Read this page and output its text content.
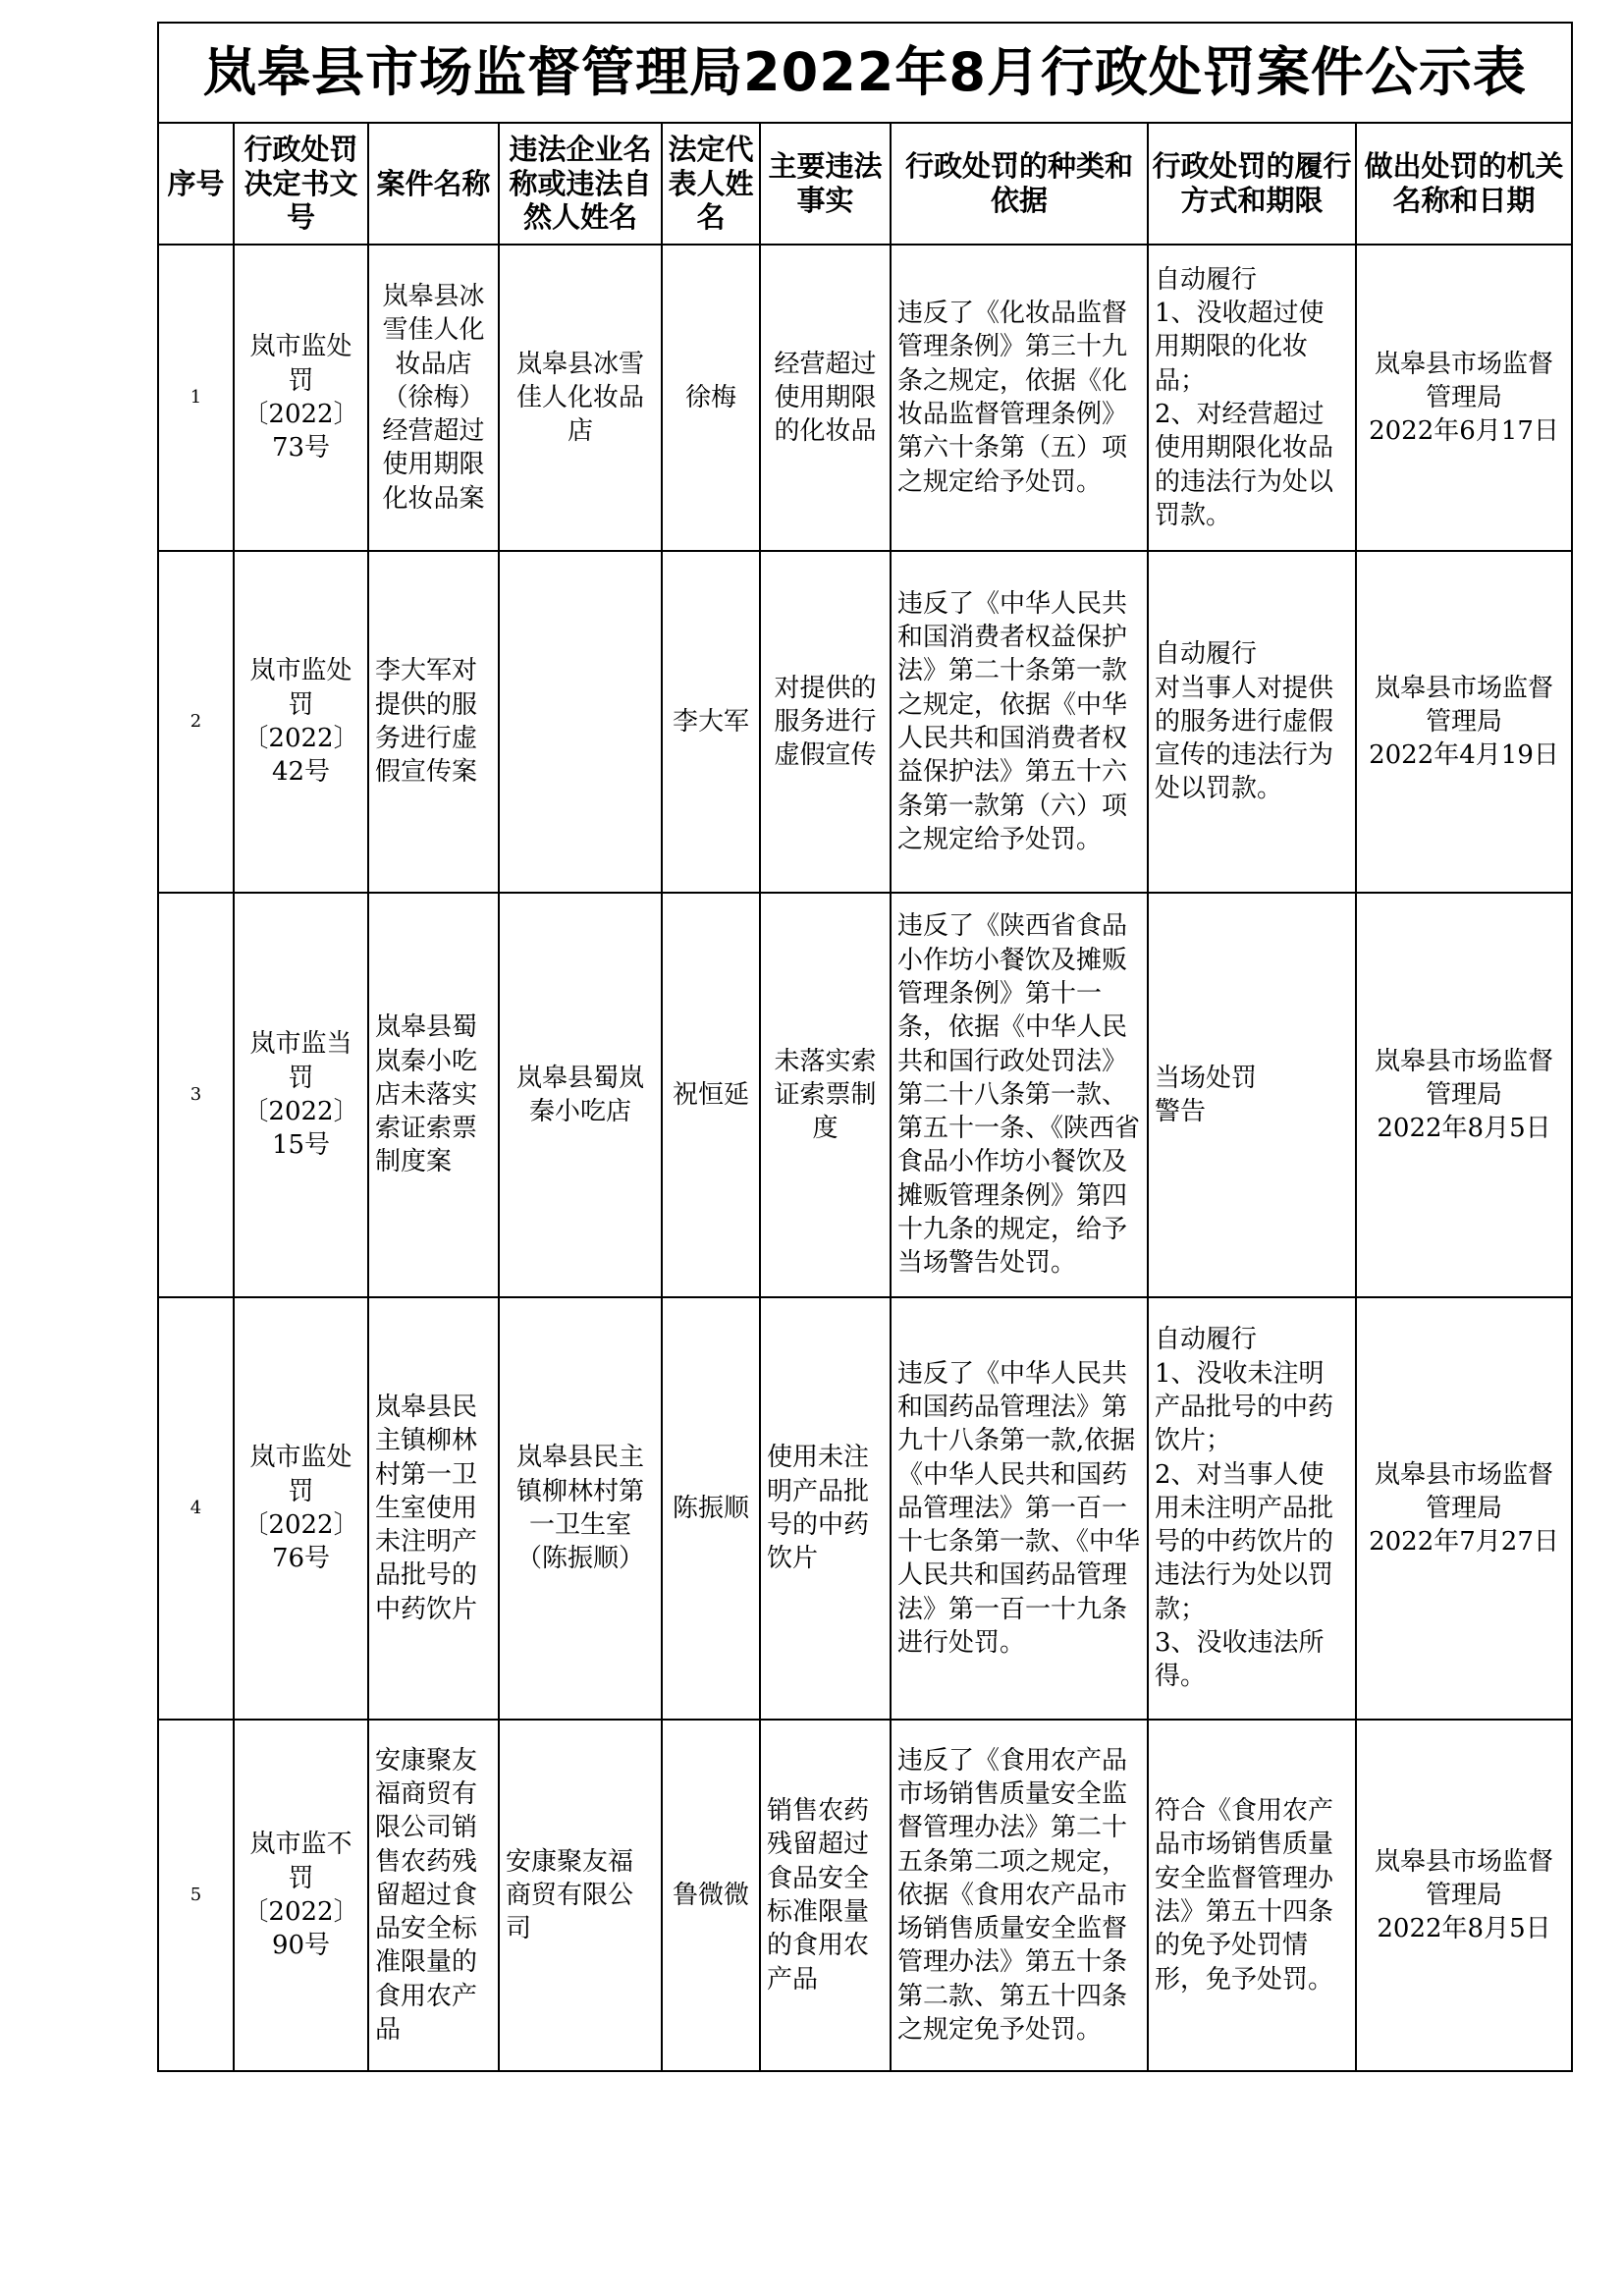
岚皋县市场监督管理局2022年8月行政处罚案件公示表								
序号	行政处罚决定书文号	案件名称	违法企业名称或违法自然人姓名	法定代表人姓名	主要违法事实	行政处罚的种类和依据	行政处罚的履行方式和期限	做出处罚的机关名称和日期
1	岚市监处罚〔2022〕73号	岚皋县冰雪佳人化妆品店（徐梅）经营超过使用期限化妆品案	岚皋县冰雪佳人化妆品店	徐梅	经营超过使用期限的化妆品	违反了《化妆品监督管理条例》第三十九条之规定，依据《化妆品监督管理条例》第六十条第（五）项之规定给予处罚。	自动履行
1、没收超过使用期限的化妆品；
2、对经营超过使用期限化妆品的违法行为处以罚款。	岚皋县市场监督管理局
2022年6月17日
2	岚市监处罚〔2022〕42号	李大军对提供的服务进行虚假宣传案		李大军	对提供的服务进行虚假宣传	违反了《中华人民共和国消费者权益保护法》第二十条第一款之规定，依据《中华人民共和国消费者权益保护法》第五十六条第一款第（六）项之规定给予处罚。	自动履行
对当事人对提供的服务进行虚假宣传的违法行为处以罚款。	岚皋县市场监督管理局
2022年4月19日
3	岚市监当罚〔2022〕15号	岚皋县蜀岚秦小吃店未落实索证索票制度案	岚皋县蜀岚秦小吃店	祝恒延	未落实索证索票制度	违反了《陕西省食品小作坊小餐饮及摊贩管理条例》第十一条，依据《中华人民共和国行政处罚法》第二十八条第一款、第五十一条、《陕西省食品小作坊小餐饮及摊贩管理条例》第四十九条的规定，给予当场警告处罚。	当场处罚
警告	岚皋县市场监督管理局
2022年8月5日
4	岚市监处罚〔2022〕76号	岚皋县民主镇柳林村第一卫生室使用未注明产品批号的中药饮片	岚皋县民主镇柳林村第一卫生室（陈振顺）	陈振顺	使用未注明产品批号的中药饮片	违反了《中华人民共和国药品管理法》第九十八条第一款,依据《中华人民共和国药品管理法》第一百一十七条第一款、《中华人民共和国药品管理法》第一百一十九条进行处罚。	自动履行
1、没收未注明产品批号的中药饮片；
2、对当事人使用未注明产品批号的中药饮片的违法行为处以罚款；
3、没收违法所得。	岚皋县市场监督管理局
2022年7月27日
5	岚市监不罚〔2022〕90号	安康聚友福商贸有限公司销售农药残留超过食品安全标准限量的食用农产品	安康聚友福商贸有限公司	鲁微微	销售农药残留超过食品安全标准限量的食用农产品	违反了《食用农产品市场销售质量安全监督管理办法》第二十五条第二项之规定，依据《食用农产品市场销售质量安全监督管理办法》第五十条第二款、第五十四条之规定免予处罚。	符合《食用农产品市场销售质量安全监督管理办法》第五十四条的免予处罚情形，免予处罚。	岚皋县市场监督管理局
2022年8月5日
